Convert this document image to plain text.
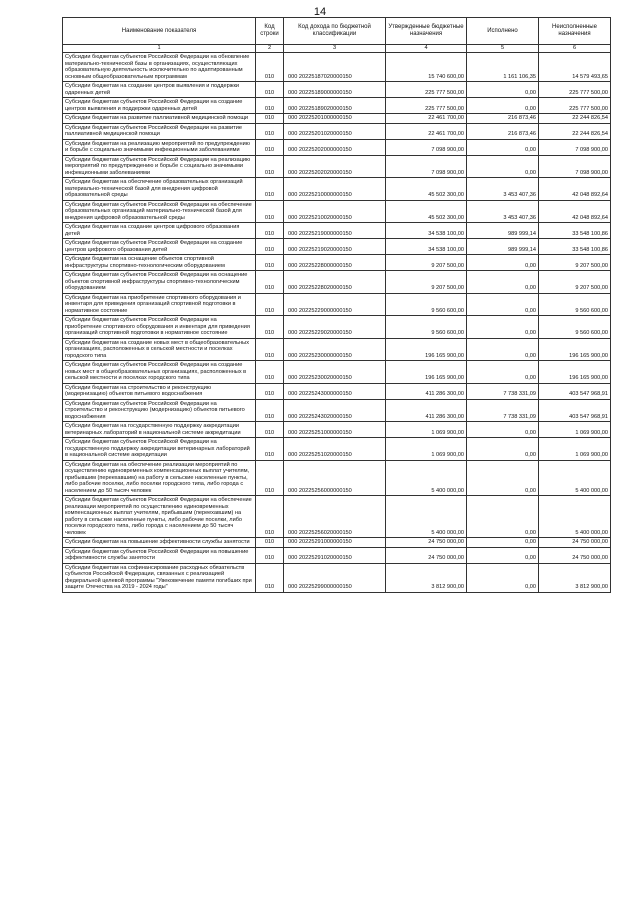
14
Наименование показателя	Код строки	Код дохода по бюджетной классификации	Утвержденные бюджетные назначения	Исполнено	Неисполненные назначения
1	2	3	4	5	6
Субсидии бюджетам субъектов Российской Федерации на обновление материально-технической базы в организациях, осуществляющих образовательную деятельность исключительно по адаптированным основным общеобразовательным программам	010	000 20225187020000150	15 740 600,00	1 161 106,35	14 579 493,65
Субсидии бюджетам на создание центров выявления и поддержки одаренных детей	010	000 20225189000000150	225 777 500,00	0,00	225 777 500,00
Субсидии бюджетам субъектов Российской Федерации на создание центров выявления и поддержки одаренных детей	010	000 20225189020000150	225 777 500,00	0,00	225 777 500,00
Субсидии бюджетам на развитие паллиативной медицинской помощи	010	000 20225201000000150	22 461 700,00	216 873,46	22 244 826,54
Субсидии бюджетам субъектов Российской Федерации на развитие паллиативной медицинской помощи	010	000 20225201020000150	22 461 700,00	216 873,46	22 244 826,54
Субсидии бюджетам на реализацию мероприятий по предупреждению и борьбе с социально значимыми инфекционными заболеваниями	010	000 20225202000000150	7 098 900,00	0,00	7 098 900,00
Субсидии бюджетам субъектов Российской Федерации на реализацию мероприятий по предупреждению и борьбе с социально значимыми инфекционными заболеваниями	010	000 20225202020000150	7 098 900,00	0,00	7 098 900,00
Субсидии бюджетам на обеспечение образовательных организаций материально-технической базой для внедрения цифровой образовательной среды	010	000 20225210000000150	45 502 300,00	3 453 407,36	42 048 892,64
Субсидии бюджетам субъектов Российской Федерации на обеспечение образовательных организаций материально-технической базой для внедрения цифровой образовательной среды	010	000 20225210020000150	45 502 300,00	3 453 407,36	42 048 892,64
Субсидии бюджетам на создание центров цифрового образования детей	010	000 20225219000000150	34 538 100,00	989 999,14	33 548 100,86
Субсидии бюджетам субъектов Российской Федерации на создание центров цифрового образования детей	010	000 20225219020000150	34 538 100,00	989 999,14	33 548 100,86
Субсидии бюджетам на оснащение объектов спортивной инфраструктуры спортивно-технологическим оборудованием	010	000 20225228000000150	9 207 500,00	0,00	9 207 500,00
Субсидии бюджетам субъектов Российской Федерации на оснащение объектов спортивной инфраструктуры спортивно-технологическим оборудованием	010	000 20225228020000150	9 207 500,00	0,00	9 207 500,00
Субсидии бюджетам на приобретение спортивного оборудования и инвентаря для приведения организаций спортивной подготовки в нормативное состояние	010	000 20225229000000150	9 560 600,00	0,00	9 560 600,00
Субсидии бюджетам субъектов Российской Федерации на приобретение спортивного оборудования и инвентаря для приведения организаций спортивной подготовки в нормативное состояние	010	000 20225229020000150	9 560 600,00	0,00	9 560 600,00
Субсидии бюджетам на создание новых мест в общеобразовательных организациях, расположенных в сельской местности и поселках городского типа	010	000 20225230000000150	196 165 900,00	0,00	196 165 900,00
Субсидии бюджетам субъектов Российской Федерации на создание новых мест в общеобразовательных организациях, расположенных в сельской местности и поселках городского типа	010	000 20225230020000150	196 165 900,00	0,00	196 165 900,00
Субсидии бюджетам на строительство и реконструкцию (модернизацию) объектов питьевого водоснабжения	010	000 20225243000000150	411 286 300,00	7 738 331,09	403 547 968,91
Субсидии бюджетам субъектов Российской Федерации на строительство и реконструкцию (модернизацию) объектов питьевого водоснабжения	010	000 20225243020000150	411 286 300,00	7 738 331,09	403 547 968,91
Субсидии бюджетам на государственную поддержку аккредитации ветеринарных лабораторий в национальной системе аккредитации	010	000 20225251000000150	1 069 900,00	0,00	1 069 900,00
Субсидии бюджетам субъектов Российской Федерации на государственную поддержку аккредитации ветеринарных лабораторий в национальной системе аккредитации	010	000 20225251020000150	1 069 900,00	0,00	1 069 900,00
Субсидии бюджетам на обеспечение реализации мероприятий по осуществлению единовременных компенсационных выплат учителям, прибывшим (переехавшим) на работу в сельские населенные пункты, либо рабочие поселки, либо поселки городского типа, либо города с населением до 50 тысяч человек	010	000 20225256000000150	5 400 000,00	0,00	5 400 000,00
Субсидии бюджетам субъектов Российской Федерации на обеспечение реализации мероприятий по осуществлению единовременных компенсационных выплат учителям, прибывшим (переехавшим) на работу в сельские населенные пункты, либо рабочие поселки, либо поселки городского типа, либо города с населением до 50 тысяч человек	010	000 20225256020000150	5 400 000,00	0,00	5 400 000,00
Субсидии бюджетам на повышение эффективности службы занятости	010	000 20225291000000150	24 750 000,00	0,00	24 750 000,00
Субсидии бюджетам субъектов Российской Федерации на повышение эффективности службы занятости	010	000 20225291020000150	24 750 000,00	0,00	24 750 000,00
Субсидии бюджетам на софинансирование расходных обязательств субъектов Российской Федерации, связанных с реализацией федеральной целевой программы "Увековечение памяти погибших при защите Отечества на 2019 - 2024 годы"	010	000 20225299000000150	3 812 900,00	0,00	3 812 900,00
